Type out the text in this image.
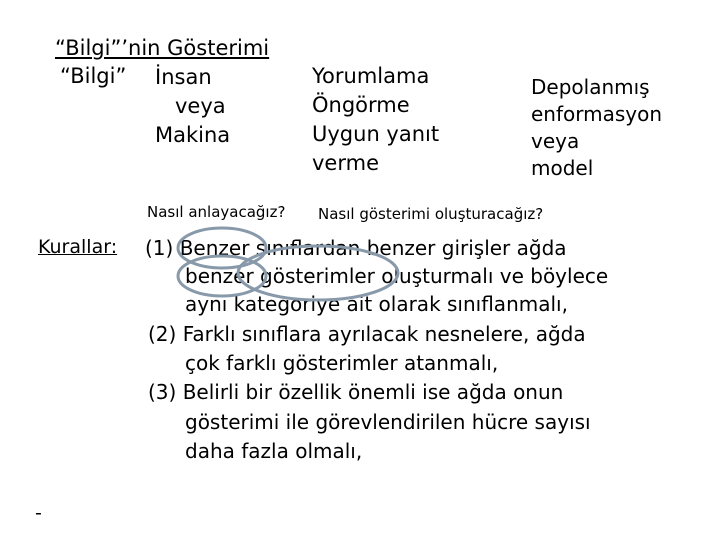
“Bilgi”’nin Gösterimi
“Bilgi” İnsan
veya
Makina
Yorumlama
Öngörme
Uygun yanıt
verme
Depolanmış
enformasyon
veya
model
Nasıl anlayacağız? Nasıl gösterimi oluşturacağız?
Kurallar: (1) Benzer sınıflardan benzer girişler ağda
benzer gösterimler oluşturmalı ve böylece
aynı kategoriye ait olarak sınıflanmalı,
(2) Farklı sınıflara ayrılacak nesnelere, ağda
çok farklı gösterimler atanmalı,
(3) Belirli bir özellik önemli ise ağda onun
gösterimi ile görevlendirilen hücre sayısı
daha fazla olmalı,
-
